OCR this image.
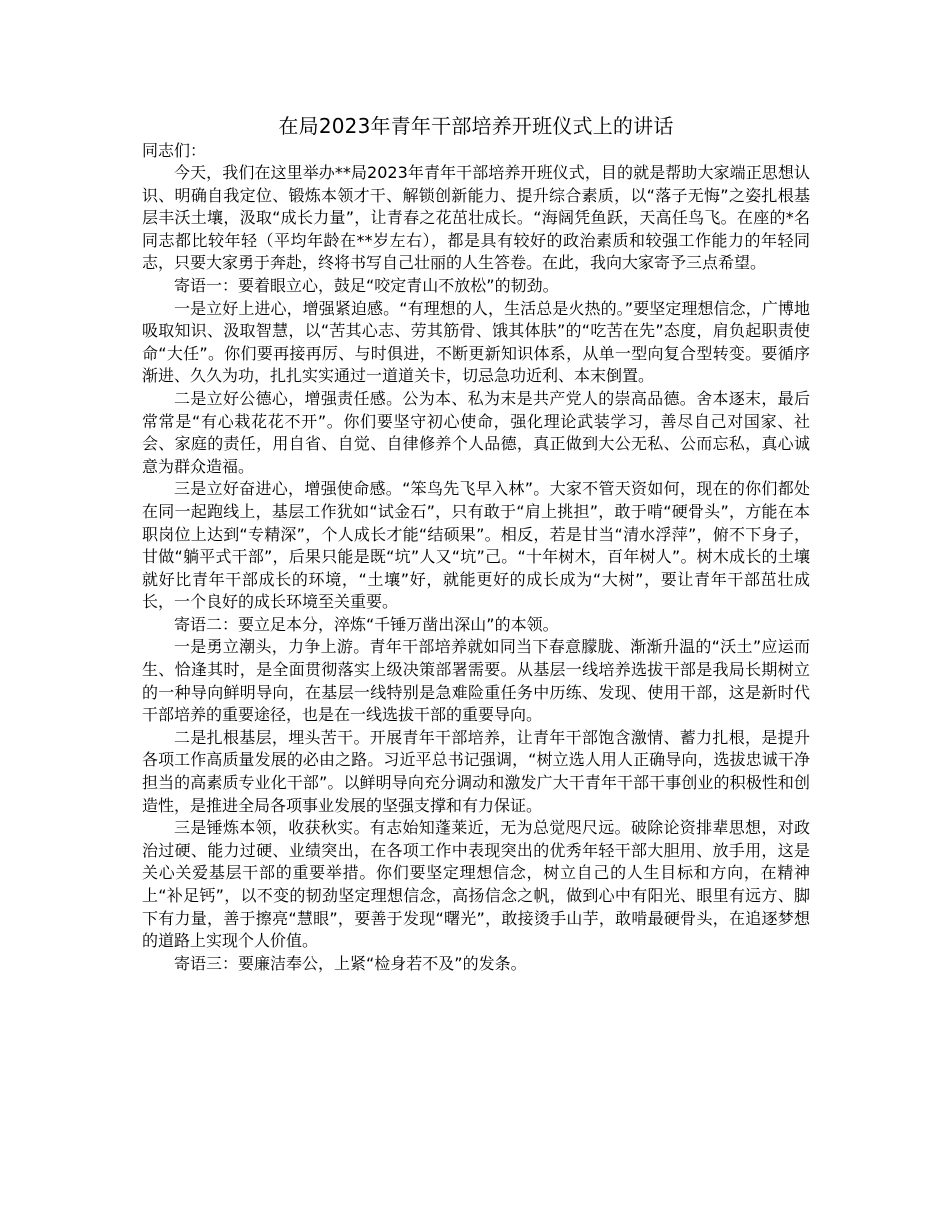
在局2023年青年干部培养开班仪式上的讲话

同志们：

今天，我们在这里举办**局2023年青年干部培养开班仪式，目的就是帮助大家端正思想认识、明确自我定位、锻炼本领才干、解锁创新能力、提升综合素质，以“落子无悔”之姿扎根基层丰沃土壤，汲取“成长力量”，让青春之花茁壮成长。“海阔凭鱼跃，天高任鸟飞。在座的*名同志都比较年轻（平均年龄在**岁左右），都是具有较好的政治素质和较强工作能力的年轻同志，只要大家勇于奔赴，终将书写自己壮丽的人生答卷。在此，我向大家寄予三点希望。

寄语一：要着眼立心，鼓足“咬定青山不放松”的韧劲。

一是立好上进心，增强紧迫感。“有理想的人，生活总是火热的。”要坚定理想信念，广博地吸取知识、汲取智慧，以“苦其心志、劳其筋骨、饿其体肤”的“吃苦在先”态度，肩负起职责使命“大任”。你们要再接再厉、与时俱进，不断更新知识体系，从单一型向复合型转变。要循序渐进、久久为功，扎扎实实通过一道道关卡，切忌急功近利、本末倒置。

二是立好公德心，增强责任感。公为本、私为末是共产党人的崇高品德。舍本逐末，最后常常是“有心栽花花不开”。你们要坚守初心使命，强化理论武装学习，善尽自己对国家、社会、家庭的责任，用自省、自觉、自律修养个人品德，真正做到大公无私、公而忘私，真心诚意为群众造福。

三是立好奋进心，增强使命感。“笨鸟先飞早入林”。大家不管天资如何，现在的你们都处在同一起跑线上，基层工作犹如“试金石”，只有敢于“肩上挑担”，敢于啃“硬骨头”，方能在本职岗位上达到“专精深”，个人成长才能“结硕果”。相反，若是甘当“清水浮萍”，俯不下身子，甘做“躺平式干部”，后果只能是既“坑”人又“坑”己。“十年树木，百年树人”。树木成长的土壤就好比青年干部成长的环境，“土壤”好，就能更好的成长成为“大树”，要让青年干部茁壮成长，一个良好的成长环境至关重要。

寄语二：要立足本分，淬炼“千锤万凿出深山”的本领。

一是勇立潮头，力争上游。青年干部培养就如同当下春意朦胧、渐渐升温的“沃土”应运而生、恰逢其时，是全面贯彻落实上级决策部署需要。从基层一线培养选拔干部是我局长期树立的一种导向鲜明导向，在基层一线特别是急难险重任务中历练、发现、使用干部，这是新时代干部培养的重要途径，也是在一线选拔干部的重要导向。

二是扎根基层，埋头苦干。开展青年干部培养，让青年干部饱含激情、蓄力扎根，是提升各项工作高质量发展的必由之路。习近平总书记强调，“树立选人用人正确导向，选拔忠诚干净担当的高素质专业化干部”。以鲜明导向充分调动和激发广大干青年干部干事创业的积极性和创造性，是推进全局各项事业发展的坚强支撑和有力保证。

三是锤炼本领，收获秋实。有志始知蓬莱近，无为总觉咫尺远。破除论资排辈思想，对政治过硬、能力过硬、业绩突出，在各项工作中表现突出的优秀年轻干部大胆用、放手用，这是关心关爱基层干部的重要举措。你们要坚定理想信念，树立自己的人生目标和方向，在精神上“补足钙”，以不变的韧劲坚定理想信念，高扬信念之帆，做到心中有阳光、眼里有远方、脚下有力量，善于擦亮“慧眼”，要善于发现“曙光”，敢接烫手山芋，敢啃最硬骨头，在追逐梦想的道路上实现个人价值。

寄语三：要廉洁奉公，上紧“检身若不及”的发条。
